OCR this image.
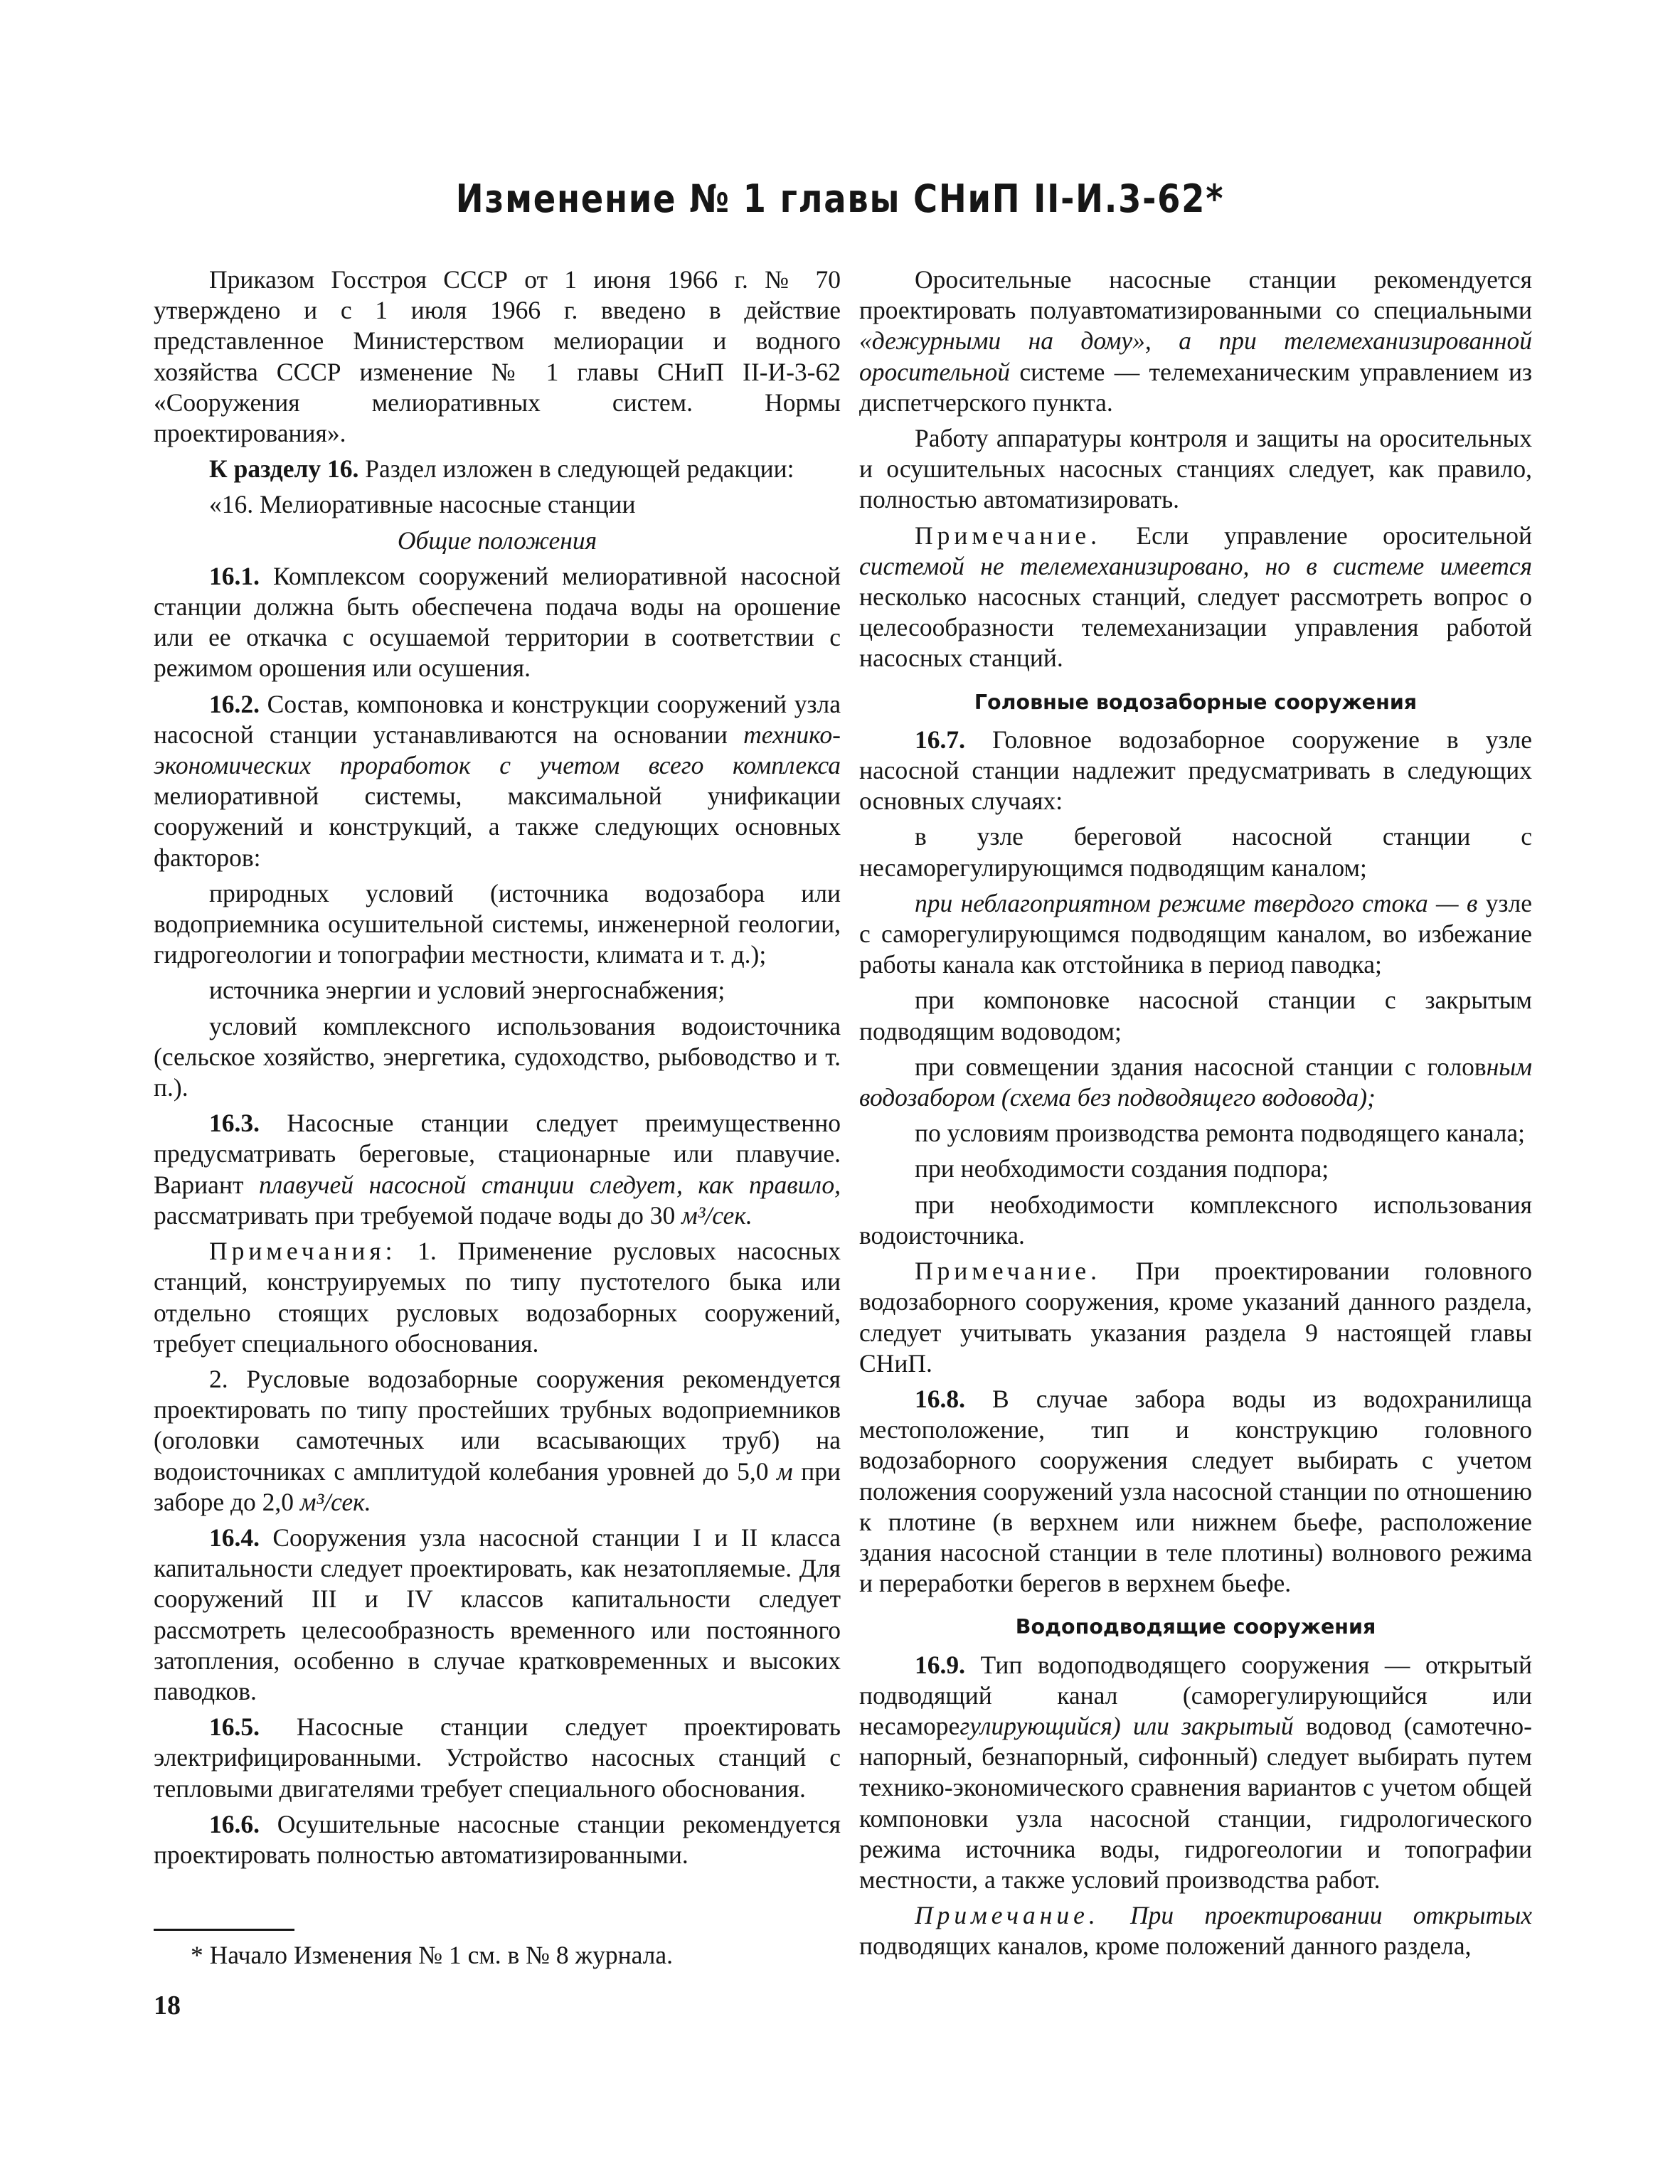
Изменение № 1 главы СНиП II-И.3-62*

Приказом Госстроя СССР от 1 июня 1966 г. № 70 утверждено и с 1 июля 1966 г. введено в действие представленное Министерством мелиорации и водного хозяйства СССР изменение № 1 главы СНиП II-И-3-62 «Сооружения мелиоративных систем. Нормы проектирования».

К разделу 16. Раздел изложен в следующей редакции:

«16. Мелиоративные насосные станции

Общие положения

16.1. Комплексом сооружений мелиоративной насосной станции должна быть обеспечена подача воды на орошение или ее откачка с осушаемой территории в соответствии с режимом орошения или осушения.

16.2. Состав, компоновка и конструкции сооружений узла насосной станции устанавливаются на основании технико-экономических проработок с учетом всего комплекса мелиоративной системы, максимальной унификации сооружений и конструкций, а также следующих основных факторов:

природных условий (источника водозабора или водоприемника осушительной системы, инженерной геологии, гидрогеологии и топографии местности, климата и т. д.);

источника энергии и условий энергоснабжения;

условий комплексного использования водоисточника (сельское хозяйство, энергетика, судоходство, рыбоводство и т. п.).

16.3. Насосные станции следует преимущественно предусматривать береговые, стационарные или плавучие. Вариант плавучей насосной станции следует, как правило, рассматривать при требуемой подаче воды до 30 м³/сек.

Примечания: 1. Применение русловых насосных станций, конструируемых по типу пустотелого быка или отдельно стоящих русловых водозаборных сооружений, требует специального обоснования.

2. Русловые водозаборные сооружения рекомендуется проектировать по типу простейших трубных водоприемников (оголовки самотечных или всасывающих труб) на водоисточниках с амплитудой колебания уровней до 5,0 м при заборе до 2,0 м³/сек.

16.4. Сооружения узла насосной станции I и II класса капитальности следует проектировать, как незатопляемые. Для сооружений III и IV классов капитальности следует рассмотреть целесообразность временного или постоянного затопления, особенно в случае кратковременных и высоких паводков.

16.5. Насосные станции следует проектировать электрифицированными. Устройство насосных станций с тепловыми двигателями требует специального обоснования.

16.6. Осушительные насосные станции рекомендуется проектировать полностью автоматизированными.

Оросительные насосные станции рекомендуется проектировать полуавтоматизированными со специальными «дежурными на дому», а при телемеханизированной оросительной системе — телемеханическим управлением из диспетчерского пункта.

Работу аппаратуры контроля и защиты на оросительных и осушительных насосных станциях следует, как правило, полностью автоматизировать.

Примечание. Если управление оросительной системой не телемеханизировано, но в системе имеется несколько насосных станций, следует рассмотреть вопрос о целесообразности телемеханизации управления работой насосных станций.

Головные водозаборные сооружения

16.7. Головное водозаборное сооружение в узле насосной станции надлежит предусматривать в следующих основных случаях:

в узле береговой насосной станции с несаморегулирующимся подводящим каналом;

при неблагоприятном режиме твердого стока — в узле с саморегулирующимся подводящим каналом, во избежание работы канала как отстойника в период паводка;

при компоновке насосной станции с закрытым подводящим водоводом;

при совмещении здания насосной станции с головным водозабором (схема без подводящего водовода);

по условиям производства ремонта подводящего канала;

при необходимости создания подпора;

при необходимости комплексного использования водоисточника.

Примечание. При проектировании головного водозаборного сооружения, кроме указаний данного раздела, следует учитывать указания раздела 9 настоящей главы СНиП.

16.8. В случае забора воды из водохранилища местоположение, тип и конструкцию головного водозаборного сооружения следует выбирать с учетом положения сооружений узла насосной станции по отношению к плотине (в верхнем или нижнем бьефе, расположение здания насосной станции в теле плотины) волнового режима и переработки берегов в верхнем бьефе.

Водоподводящие сооружения

16.9. Тип водоподводящего сооружения — открытый подводящий канал (саморегулирующийся или несаморегулирующийся) или закрытый водовод (самотечно-напорный, безнапорный, сифонный) следует выбирать путем технико-экономического сравнения вариантов с учетом общей компоновки узла насосной станции, гидрологического режима источника воды, гидрогеологии и топографии местности, а также условий производства работ.

Примечание. При проектировании открытых подводящих каналов, кроме положений данного раздела,

* Начало Изменения № 1 см. в № 8 журнала.
18
